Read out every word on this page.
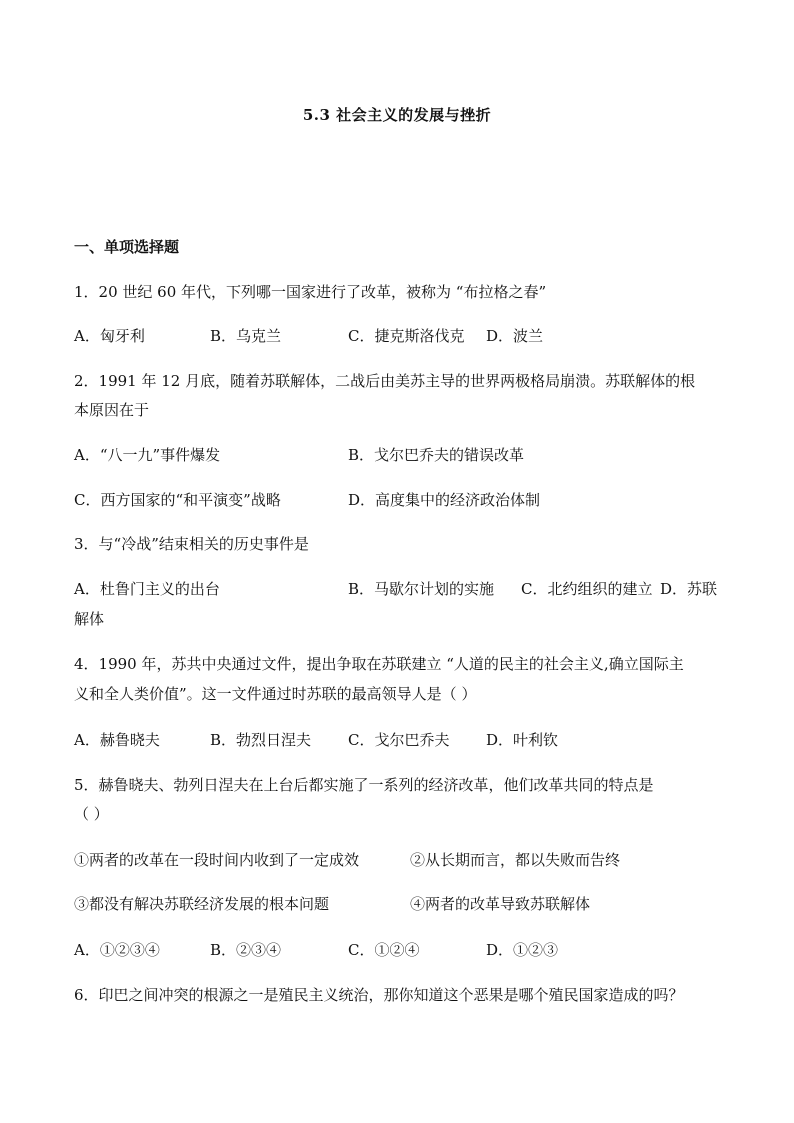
5.3 社会主义的发展与挫折
一、单项选择题
1．20 世纪 60 年代，下列哪一国家进行了改革，被称为 “布拉格之春”
A．匈牙利	B．乌克兰	C．捷克斯洛伐克 D．波兰
2．1991 年 12 月底，随着苏联解体，二战后由美苏主导的世界两极格局崩溃。苏联解体的根
本原因在于
A．“八一九”事件爆发	B．戈尔巴乔夫的错误改革
C．西方国家的“和平演变”战略	D．高度集中的经济政治体制
3．与“冷战”结束相关的历史事件是
A．杜鲁门主义的出台	B．马歇尔计划的实施 C．北约组织的建立 D．苏联
解体
4．1990 年，苏共中央通过文件，提出争取在苏联建立 “人道的民主的社会主义,确立国际主
义和全人类价值”。这一文件通过时苏联的最高领导人是（ ）
A．赫鲁晓夫	B．勃烈日涅夫 C．戈尔巴乔夫 D．叶利钦
5．赫鲁晓夫、勃列日涅夫在上台后都实施了一系列的经济改革，他们改革共同的特点是
（ ）
①两者的改革在一段时间内收到了一定成效	②从长期而言，都以失败而告终
③都没有解决苏联经济发展的根本问题	④两者的改革导致苏联解体
A．①②③④	B．②③④	C．①②④	D．①②③
6．印巴之间冲突的根源之一是殖民主义统治，那你知道这个恶果是哪个殖民国家造成的吗？
